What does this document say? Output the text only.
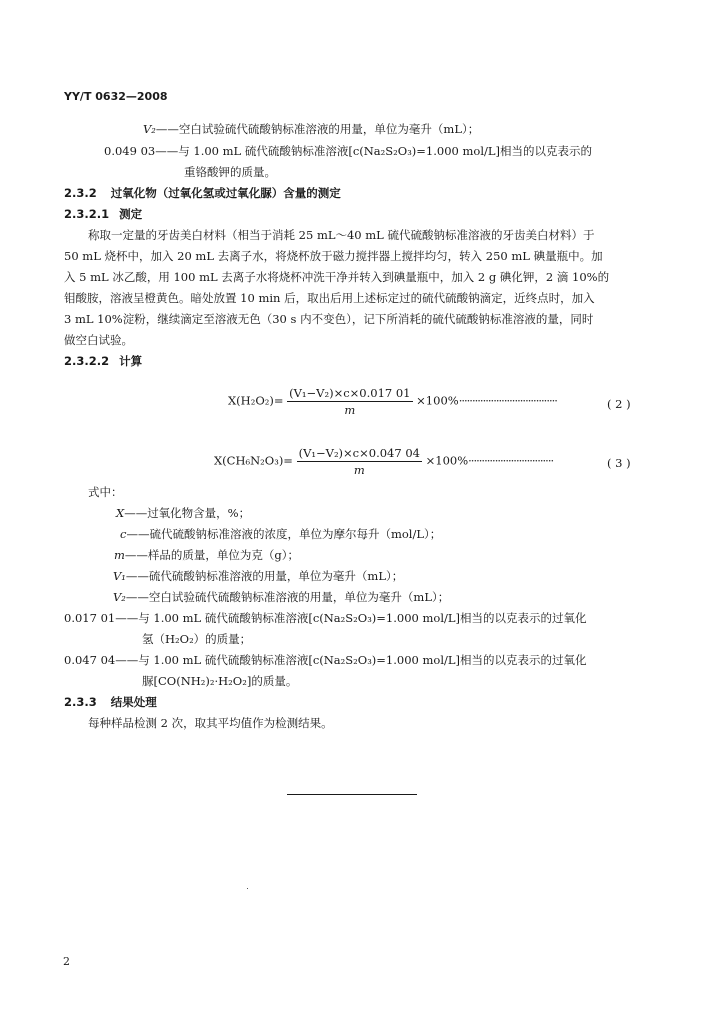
YY/T 0632—2008
V₂——空白试验硫代硫酸钠标准溶液的用量，单位为毫升（mL）；
0.049 03——与 1.00 mL 硫代硫酸钠标准溶液[c(Na₂S₂O₃)=1.000 mol/L]相当的以克表示的
重铬酸钾的质量。
2.3.2 过氧化物（过氧化氢或过氧化脲）含量的测定
2.3.2.1 测定
称取一定量的牙齿美白材料（相当于消耗 25 mL～40 mL 硫代硫酸钠标准溶液的牙齿美白材料）于
50 mL 烧杯中，加入 20 mL 去离子水，将烧杯放于磁力搅拌器上搅拌均匀，转入 250 mL 碘量瓶中。加
入 5 mL 冰乙酸，用 100 mL 去离子水将烧杯冲洗干净并转入到碘量瓶中，加入 2 g 碘化钾，2 滴 10%的
钼酸胺，溶液呈橙黄色。暗处放置 10 min 后，取出后用上述标定过的硫代硫酸钠滴定，近终点时，加入
3 mL 10%淀粉，继续滴定至溶液无色（30 s 内不变色），记下所消耗的硫代硫酸钠标准溶液的量，同时
做空白试验。
2.3.2.2 计算
$X(H_2O_2)= \frac{\text{(V₁−V₂)×c×0.017 01}}{m} \times 100\%\cdot\cdot\cdot\cdot\cdot\cdot\cdot\cdot\cdot\cdot\cdot\cdot\cdot\cdot\cdot\cdot\cdot\cdot\cdot\cdot\cdot\cdot\cdot\cdot\cdot\cdot\cdot\cdot\cdot\cdot\cdot\cdot\cdot\cdot\cdot\cdot\cdot$	( 2 )
$X(CH_6N_2O_3)= \frac{\text{(V₁−V₂)×c×0.047 04}}{m} \times 100\%\cdot\cdot\cdot\cdot\cdot\cdot\cdot\cdot\cdot\cdot\cdot\cdot\cdot\cdot\cdot\cdot\cdot\cdot\cdot\cdot\cdot\cdot\cdot\cdot\cdot\cdot\cdot\cdot\cdot\cdot\cdot\cdot$	( 3 )
式中：
X——过氧化物含量，%；
c——硫代硫酸钠标准溶液的浓度，单位为摩尔每升（mol/L）；
m——样品的质量，单位为克（g）；
V₁——硫代硫酸钠标准溶液的用量，单位为毫升（mL）；
V₂——空白试验硫代硫酸钠标准溶液的用量，单位为毫升（mL）；
0.017 01——与 1.00 mL 硫代硫酸钠标准溶液[c(Na₂S₂O₃)=1.000 mol/L]相当的以克表示的过氧化
氢（H₂O₂）的质量；
0.047 04——与 1.00 mL 硫代硫酸钠标准溶液[c(Na₂S₂O₃)=1.000 mol/L]相当的以克表示的过氧化
脲[CO(NH₂)₂·H₂O₂]的质量。
2.3.3 结果处理
每种样品检测 2 次，取其平均值作为检测结果。
2
